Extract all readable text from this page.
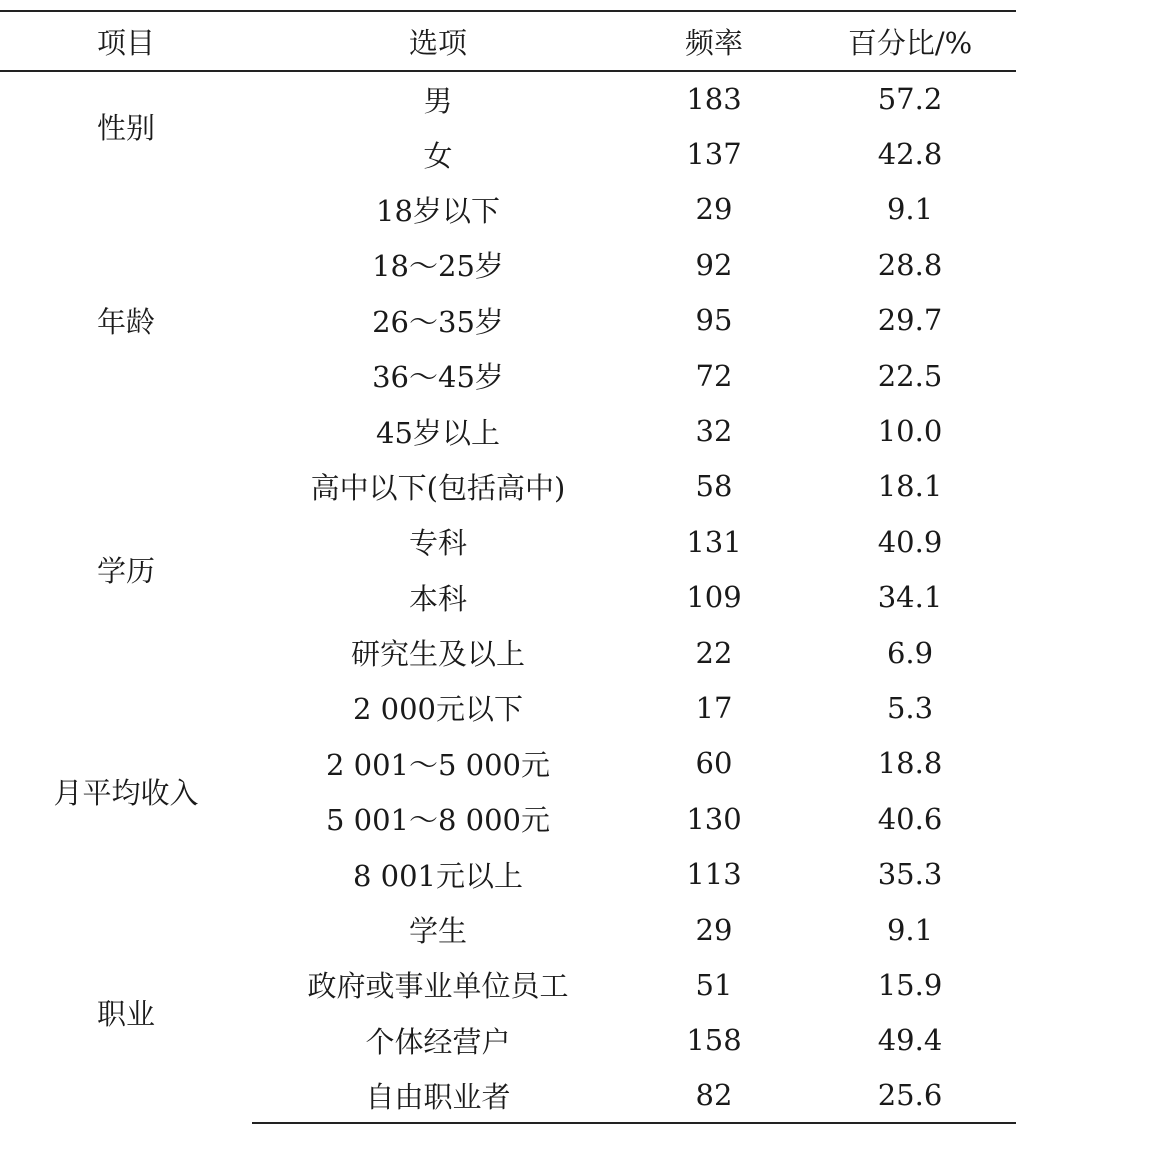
项目	选项	频率	百分比/%
性别	男	183	57.2
	女	137	42.8
年龄	18岁以下	29	9.1
	18～25岁	92	28.8
	26～35岁	95	29.7
	36～45岁	72	22.5
	45岁以上	32	10.0
学历	高中以下(包括高中)	58	18.1
	专科	131	40.9
	本科	109	34.1
	研究生及以上	22	6.9
月平均收入	2 000元以下	17	5.3
	2 001～5 000元	60	18.8
	5 001～8 000元	130	40.6
	8 001元以上	113	35.3
职业	学生	29	9.1
	政府或事业单位员工	51	15.9
	个体经营户	158	49.4
	自由职业者	82	25.6
